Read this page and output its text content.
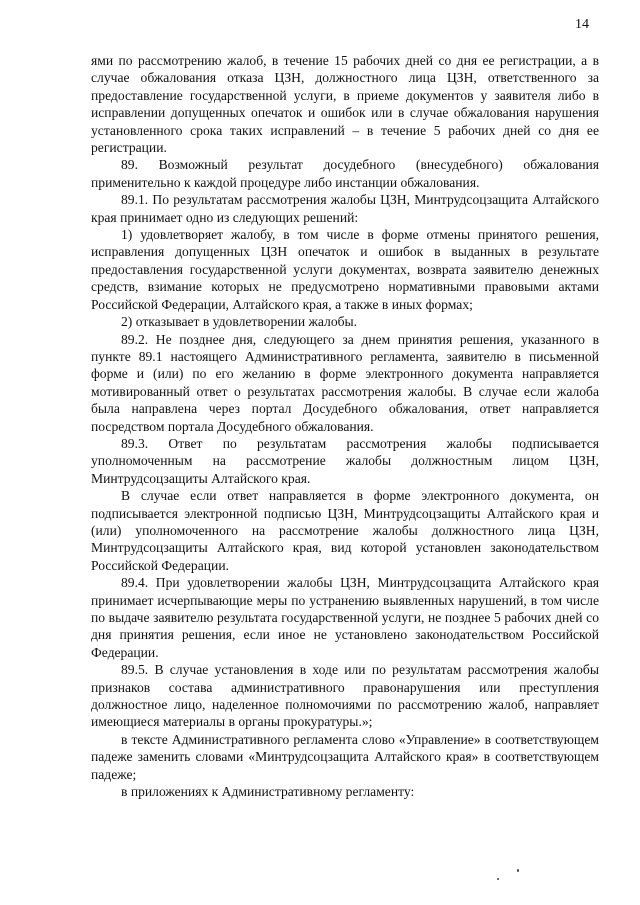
14

ями по рассмотрению жалоб, в течение 15 рабочих дней со дня ее регистрации, а в случае обжалования отказа ЦЗН, должностного лица ЦЗН, ответственного за предоставление государственной услуги, в приеме документов у заявителя либо в исправлении допущенных опечаток и ошибок или в случае обжалования нарушения установленного срока таких исправлений – в течение 5 рабочих дней со дня ее регистрации.

89. Возможный результат досудебного (внесудебного) обжалования применительно к каждой процедуре либо инстанции обжалования.

89.1. По результатам рассмотрения жалобы ЦЗН, Минтрудсоцзащита Алтайского края принимает одно из следующих решений:

1) удовлетворяет жалобу, в том числе в форме отмены принятого решения, исправления допущенных ЦЗН опечаток и ошибок в выданных в результате предоставления государственной услуги документах, возврата заявителю денежных средств, взимание которых не предусмотрено нормативными правовыми актами Российской Федерации, Алтайского края, а также в иных формах;

2) отказывает в удовлетворении жалобы.

89.2. Не позднее дня, следующего за днем принятия решения, указанного в пункте 89.1 настоящего Административного регламента, заявителю в письменной форме и (или) по его желанию в форме электронного документа направляется мотивированный ответ о результатах рассмотрения жалобы. В случае если жалоба была направлена через портал Досудебного обжалования, ответ направляется посредством портала Досудебного обжалования.

89.3. Ответ по результатам рассмотрения жалобы подписывается уполномоченным на рассмотрение жалобы должностным лицом ЦЗН, Минтрудсоцзащиты Алтайского края.

В случае если ответ направляется в форме электронного документа, он подписывается электронной подписью ЦЗН, Минтрудсоцзащиты Алтайского края и (или) уполномоченного на рассмотрение жалобы должностного лица ЦЗН, Минтрудсоцзащиты Алтайского края, вид которой установлен законодательством Российской Федерации.

89.4. При удовлетворении жалобы ЦЗН, Минтрудсоцзащита Алтайского края принимает исчерпывающие меры по устранению выявленных нарушений, в том числе по выдаче заявителю результата государственной услуги, не позднее 5 рабочих дней со дня принятия решения, если иное не установлено законодательством Российской Федерации.

89.5. В случае установления в ходе или по результатам рассмотрения жалобы признаков состава административного правонарушения или преступления должностное лицо, наделенное полномочиями по рассмотрению жалоб, направляет имеющиеся материалы в органы прокуратуры.»;

в тексте Административного регламента слово «Управление» в соответствующем падеже заменить словами «Минтрудсоцзащита Алтайского края» в соответствующем падеже;

в приложениях к Административному регламенту:
